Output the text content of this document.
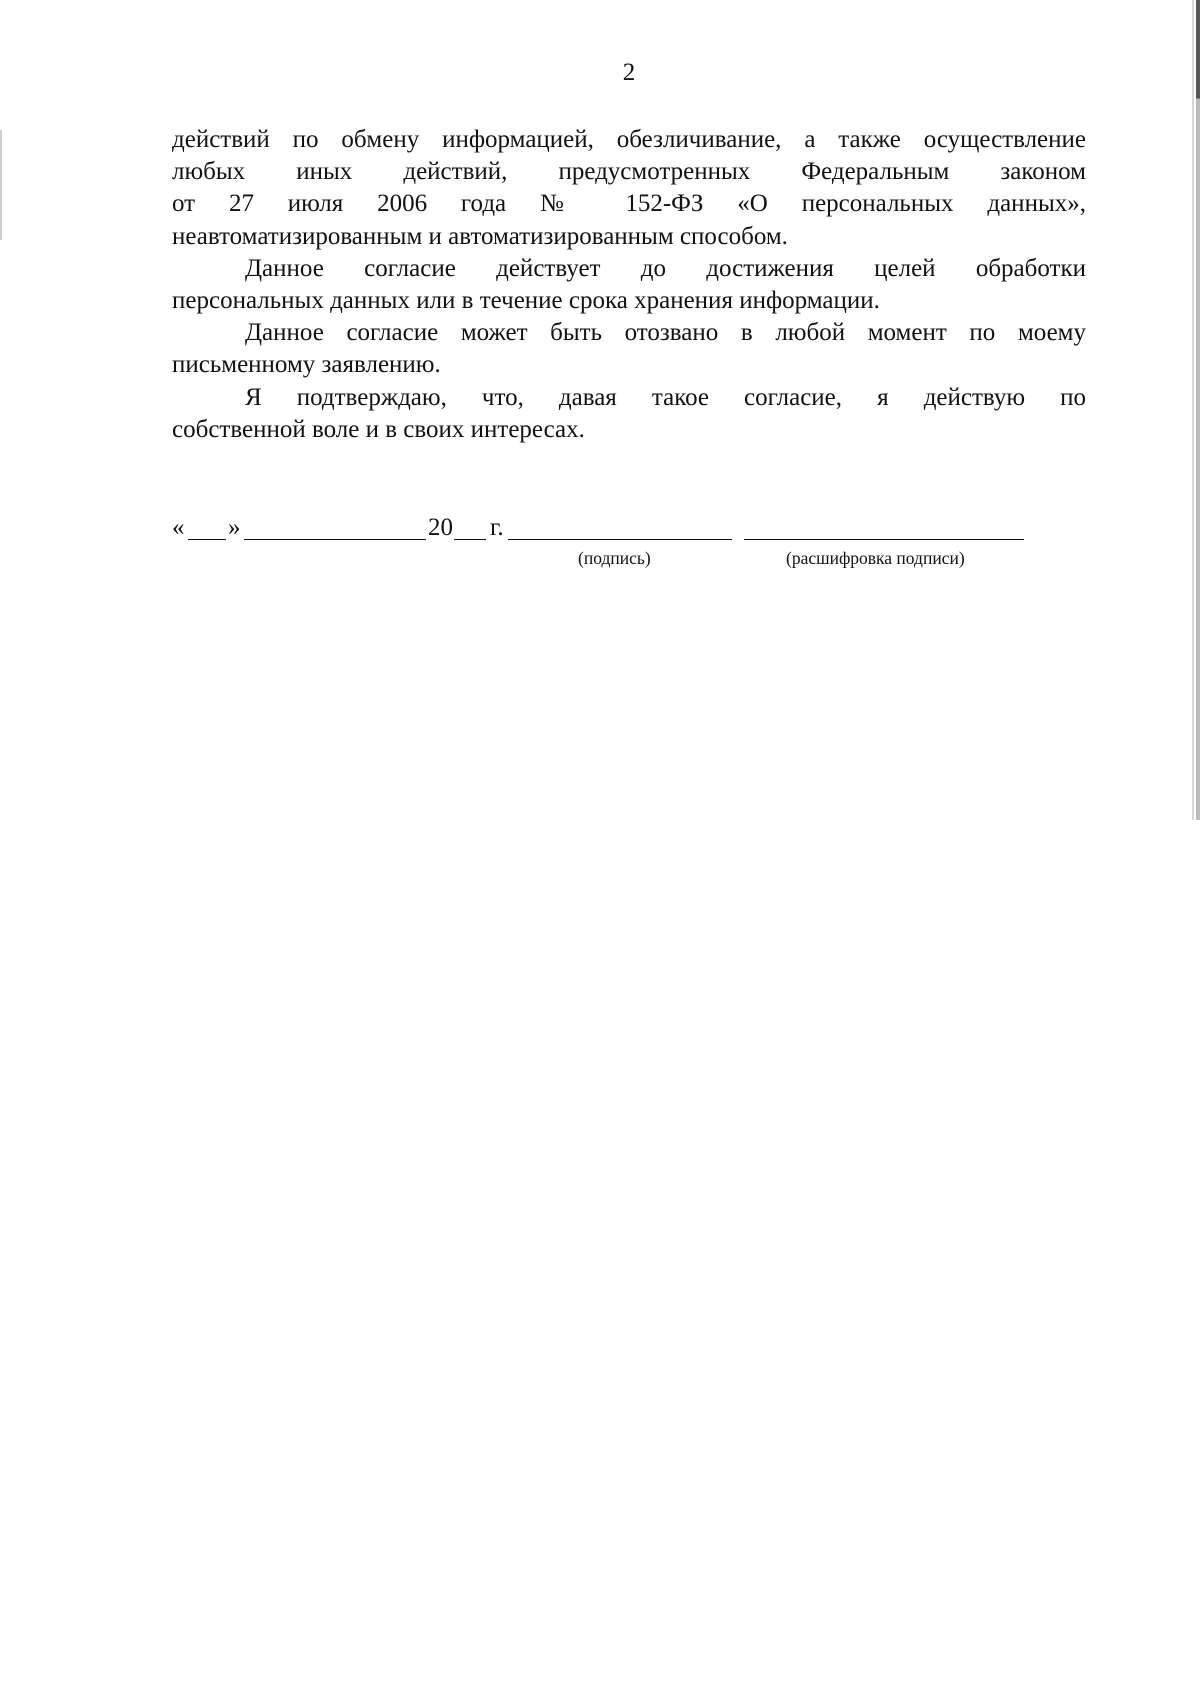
2

действий по обмену информацией, обезличивание, а также осуществление
любых иных действий, предусмотренных Федеральным законом
от 27 июля 2006 года № 152-ФЗ «О персональных данных»,
неавтоматизированным и автоматизированным способом.

Данное согласие действует до достижения целей обработки
персональных данных или в течение срока хранения информации.

Данное согласие может быть отозвано в любой момент по моему
письменному заявлению.

Я подтверждаю, что, давая такое согласие, я действую по
собственной воле и в своих интересах.

« »	20 г.
(подпись)	(расшифровка подписи)
